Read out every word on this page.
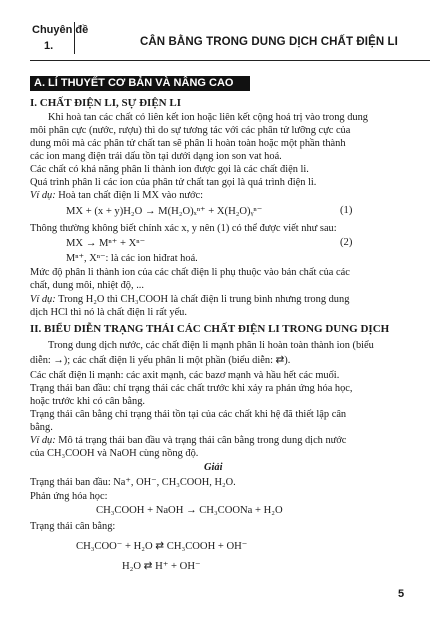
Chuyên đề
1.	CÂN BẰNG TRONG DUNG DỊCH CHẤT ĐIỆN LI
A. LÍ THUYẾT CƠ BẢN VÀ NÂNG CAO
I. CHẤT ĐIỆN LI, SỰ ĐIỆN LI
Khi hoà tan các chất có liên kết ion hoặc liên kết cộng hoá trị vào trong dung
môi phân cực (nước, rượu) thì do sự tương tác với các phân tử lưỡng cực của
dung môi mà các phân tử chất tan sẽ phân li hoàn toàn hoặc một phần thành
các ion mang điện trái dấu tồn tại dưới dạng ion son vat hoá.
Các chất có khả năng phân li thành ion được gọi là các chất điện li.
Quá trình phân li các ion của phân tử chất tan gọi là quá trình điện li.
Ví dụ: Hoà tan chất điện li MX vào nước:
MX + (x + y)H₂O → M(H₂O)ₓⁿ⁺ + X(H₂O)ᵧⁿ⁻	(1)
Thông thường không biết chính xác x, y nên (1) có thể được viết như sau:
MX → Mⁿ⁺ + Xⁿ⁻	(2)
Mⁿ⁺, Xⁿ⁻: là các ion hiđrat hoá.
Mức độ phân li thành ion của các chất điện li phụ thuộc vào bản chất của các
chất, dung môi, nhiệt độ, ...
Ví dụ: Trong H₂O thì CH₃COOH là chất điện li trung bình nhưng trong dung
dịch HCl thì nó là chất điện li rất yếu.
II. BIỂU DIỄN TRẠNG THÁI CÁC CHẤT ĐIỆN LI TRONG DUNG DỊCH
Trong dung dịch nước, các chất điện li mạnh phân li hoàn toàn thành ion (biểu
diễn: →); các chất điện li yếu phân li một phần (biểu diễn: ⇄).
Các chất điện li mạnh: các axit mạnh, các bazơ mạnh và hầu hết các muối.
Trạng thái ban đầu: chỉ trạng thái các chất trước khi xảy ra phản ứng hóa học,
hoặc trước khi có cân bằng.
Trạng thái cân bằng chỉ trạng thái tồn tại của các chất khi hệ đã thiết lập cân
bằng.
Ví dụ: Mô tả trạng thái ban đầu và trạng thái cân bằng trong dung dịch nước
của CH₃COOH và NaOH cùng nồng độ.
Giải
Trạng thái ban đầu: Na⁺, OH⁻, CH₃COOH, H₂O.
Phản ứng hóa học:
CH₃COOH + NaOH → CH₃COONa + H₂O
Trạng thái cân bằng:
CH₃COO⁻ + H₂O ⇄ CH₃COOH + OH⁻
H₂O ⇄ H⁺ + OH⁻
5
